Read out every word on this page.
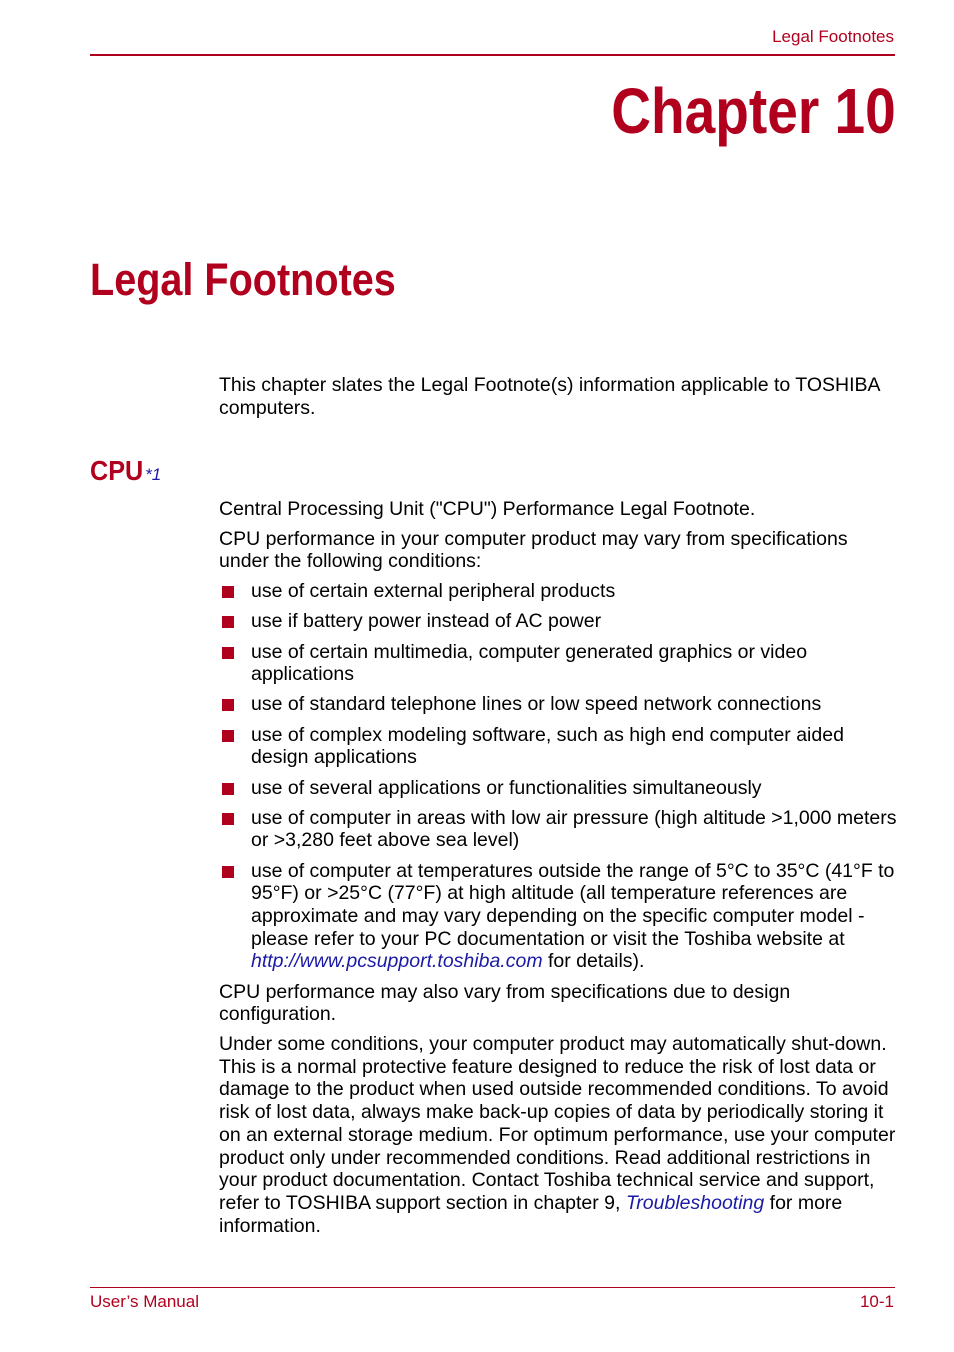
Legal Footnotes
Chapter 10
Legal Footnotes

This chapter slates the Legal Footnote(s) information applicable to TOSHIBA computers.

CPU *1

Central Processing Unit ("CPU") Performance Legal Footnote.

CPU performance in your computer product may vary from specifications under the following conditions:

use of certain external peripheral products
use if battery power instead of AC power
use of certain multimedia, computer generated graphics or video applications
use of standard telephone lines or low speed network connections
use of complex modeling software, such as high end computer aided design applications
use of several applications or functionalities simultaneously
use of computer in areas with low air pressure (high altitude >1,000 meters or >3,280 feet above sea level)
use of computer at temperatures outside the range of 5°C to 35°C (41°F to 95°F) or >25°C (77°F) at high altitude (all temperature references are approximate and may vary depending on the specific computer model - please refer to your PC documentation or visit the Toshiba website at http://www.pcsupport.toshiba.com for details).

CPU performance may also vary from specifications due to design configuration.

Under some conditions, your computer product may automatically shut-down. This is a normal protective feature designed to reduce the risk of lost data or damage to the product when used outside recommended conditions. To avoid risk of lost data, always make back-up copies of data by periodically storing it on an external storage medium. For optimum performance, use your computer product only under recommended conditions. Read additional restrictions in your product documentation. Contact Toshiba technical service and support, refer to TOSHIBA support section in chapter 9, Troubleshooting for more information.

User’s Manual	10-1
